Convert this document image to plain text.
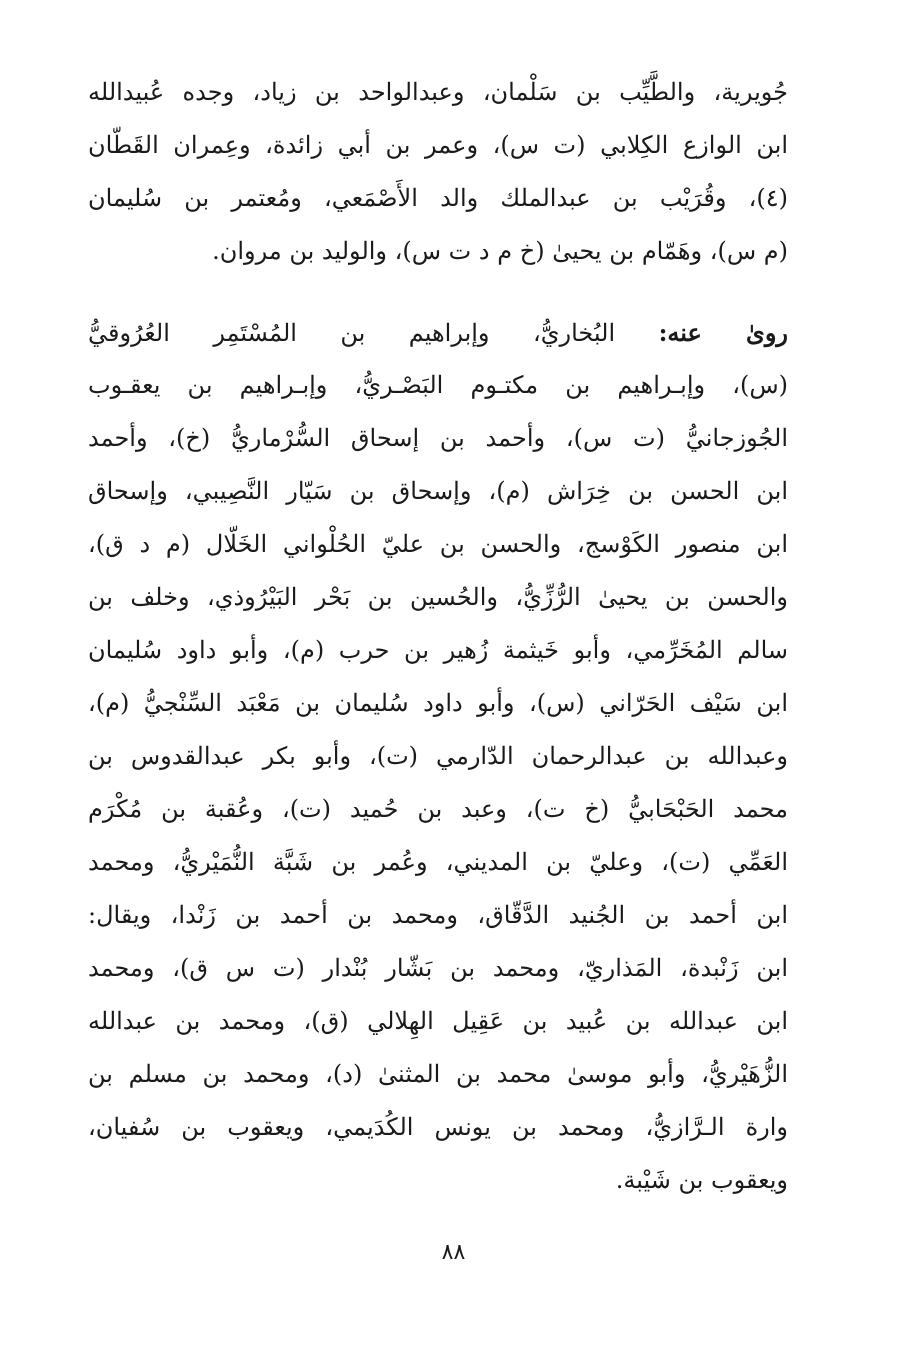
جُويرية، والطَّيِّب بن سَلْمان، وعبدالواحد بن زياد، وجده عُبيدالله
ابن الوازع الكِلابي (ت س)، وعمر بن أبي زائدة، وعِمران القَطّان
(٤)، وقُرَيْب بن عبدالملك والد الأَصْمَعي، ومُعتمر بن سُليمان
(م س)، وهَمّام بن يحيىٰ (خ م د ت س)، والوليد بن مروان.
روىٰ عنه: البُخاريُّ، وإبراهيم بن المُسْتَمِر العُرُوقيُّ
(س)، وإبـراهيم بن مكتـوم البَصْـريُّ، وإبـراهيم بن يعقـوب
الجُوزجانيُّ (ت س)، وأحمد بن إسحاق السُّرْماريُّ (خ)، وأحمد
ابن الحسن بن خِرَاش (م)، وإسحاق بن سَيّار النَّصِيبي، وإسحاق
ابن منصور الكَوْسج، والحسن بن عليّ الحُلْواني الخَلّال (م د ق)،
والحسن بن يحيىٰ الرُّزِّيُّ، والحُسين بن بَحْر البَيْرُوذي، وخلف بن
سالم المُخَرِّمي، وأبو خَيثمة زُهير بن حرب (م)، وأبو داود سُليمان
ابن سَيْف الحَرّاني (س)، وأبو داود سُليمان بن مَعْبَد السِّنْجيُّ (م)،
وعبدالله بن عبدالرحمان الدّارمي (ت)، وأبو بكر عبدالقدوس بن
محمد الحَبْحَابيُّ (خ ت)، وعبد بن حُميد (ت)، وعُقبة بن مُكْرَم
العَمِّي (ت)، وعليّ بن المديني، وعُمر بن شَبَّة النُّمَيْريُّ، ومحمد
ابن أحمد بن الجُنيد الدَّقّاق، ومحمد بن أحمد بن زَنْدا، ويقال:
ابن زَنْبدة، المَذاريّ، ومحمد بن بَشّار بُنْدار (ت س ق)، ومحمد
ابن عبدالله بن عُبيد بن عَقِيل الهِلالي (ق)، ومحمد بن عبدالله
الزُّهَيْريُّ، وأبو موسىٰ محمد بن المثنىٰ (د)، ومحمد بن مسلم بن
وارة الـرَّازيُّ، ومحمد بن يونس الكُدَيمي، ويعقوب بن سُفيان،
ويعقوب بن شَيْبة.
٨٨
